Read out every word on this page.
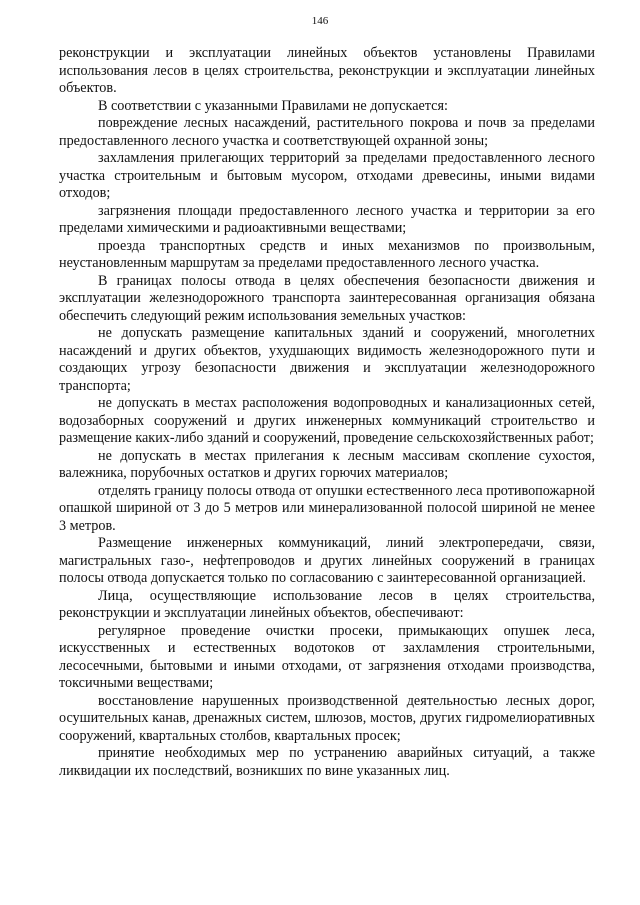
146

реконструкции и эксплуатации линейных объектов установлены Правилами использования лесов в целях строительства, реконструкции и эксплуатации линейных объектов.

В соответствии с указанными Правилами не допускается:

повреждение лесных насаждений, растительного покрова и почв за пределами предоставленного лесного участка и соответствующей охранной зоны;

захламления прилегающих территорий за пределами предоставленного лесного участка строительным и бытовым мусором, отходами древесины, иными видами отходов;

загрязнения площади предоставленного лесного участка и территории за его пределами химическими и радиоактивными веществами;

проезда транспортных средств и иных механизмов по произвольным, неустановленным маршрутам за пределами предоставленного лесного участка.

В границах полосы отвода в целях обеспечения безопасности движения и эксплуатации железнодорожного транспорта заинтересованная организация обязана обеспечить следующий режим использования земельных участков:

не допускать размещение капитальных зданий и сооружений, многолетних насаждений и других объектов, ухудшающих видимость железнодорожного пути и создающих угрозу безопасности движения и эксплуатации железнодорожного транспорта;

не допускать в местах расположения водопроводных и канализационных сетей, водозаборных сооружений и других инженерных коммуникаций строительство и размещение каких-либо зданий и сооружений, проведение сельскохозяйственных работ;

не допускать в местах прилегания к лесным массивам скопление сухостоя, валежника, порубочных остатков и других горючих материалов;

отделять границу полосы отвода от опушки естественного леса противопожарной опашкой шириной от 3 до 5 метров или минерализованной полосой шириной не менее 3 метров.

Размещение инженерных коммуникаций, линий электропередачи, связи, магистральных газо-, нефтепроводов и других линейных сооружений в границах полосы отвода допускается только по согласованию с заинтересованной организацией.

Лица, осуществляющие использование лесов в целях строительства, реконструкции и эксплуатации линейных объектов, обеспечивают:

регулярное проведение очистки просеки, примыкающих опушек леса, искусственных и естественных водотоков от захламления строительными, лесосечными, бытовыми и иными отходами, от загрязнения отходами производства, токсичными веществами;

восстановление нарушенных производственной деятельностью лесных дорог, осушительных канав, дренажных систем, шлюзов, мостов, других гидромелиоративных сооружений, квартальных столбов, квартальных просек;

принятие необходимых мер по устранению аварийных ситуаций, а также ликвидации их последствий, возникших по вине указанных лиц.
